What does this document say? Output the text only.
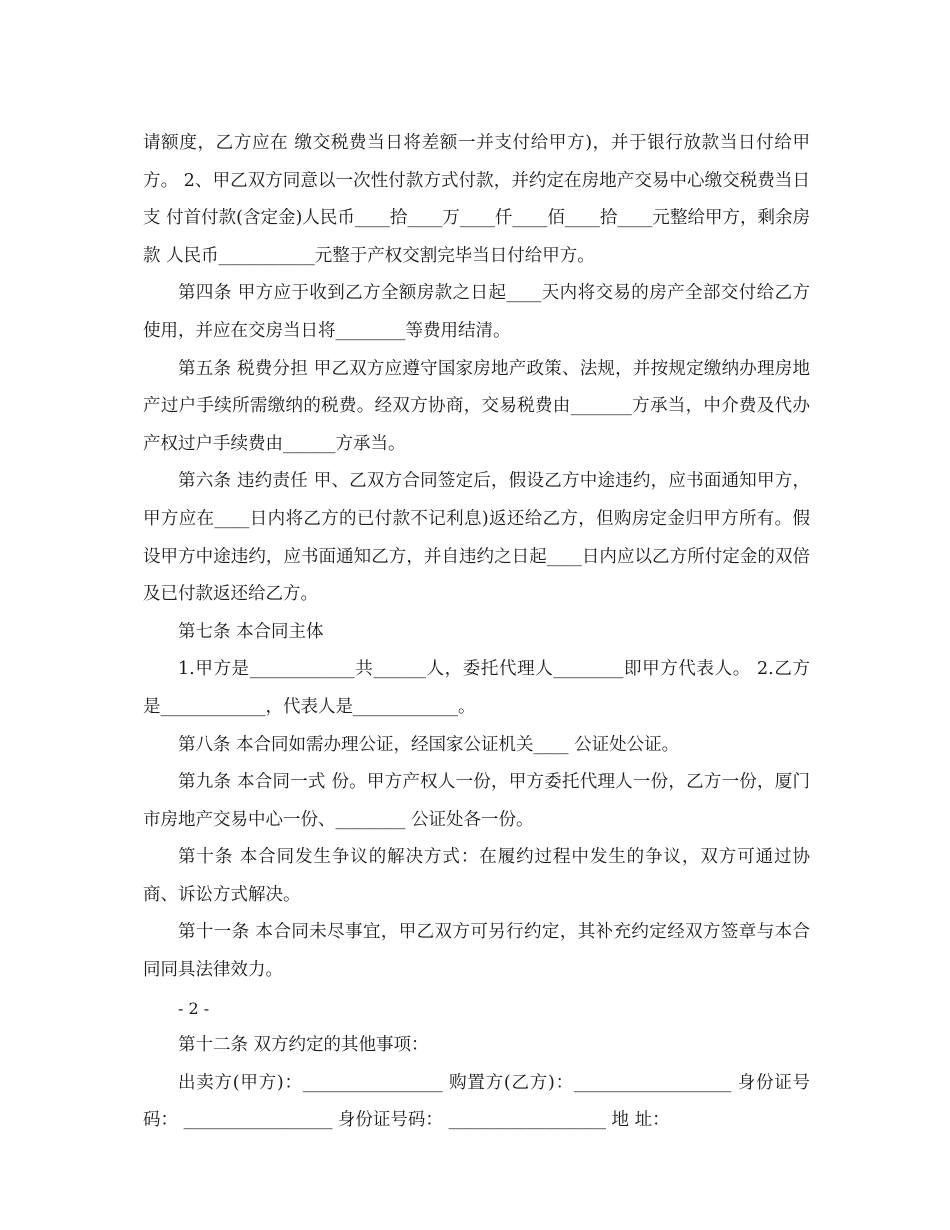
请额度，乙方应在 缴交税费当日将差额一并支付给甲方)，并于银行放款当日付给甲方。 2、甲乙双方同意以一次性付款方式付款，并约定在房地产交易中心缴交税费当日支 付首付款(含定金)人民币____拾____万____仟____佰____拾____元整给甲方，剩余房款 人民币___________元整于产权交割完毕当日付给甲方。

第四条 甲方应于收到乙方全额房款之日起____天内将交易的房产全部交付给乙方使用，并应在交房当日将________等费用结清。

第五条 税费分担 甲乙双方应遵守国家房地产政策、法规，并按规定缴纳办理房地产过户手续所需缴纳的税费。经双方协商，交易税费由_______方承当，中介费及代办产权过户手续费由______方承当。

第六条 违约责任 甲、乙双方合同签定后，假设乙方中途违约，应书面通知甲方，甲方应在____日内将乙方的已付款不记利息)返还给乙方，但购房定金归甲方所有。假设甲方中途违约，应书面通知乙方，并自违约之日起____日内应以乙方所付定金的双倍及已付款返还给乙方。

第七条 本合同主体

1.甲方是____________共______人，委托代理人________即甲方代表人。 2.乙方是____________，代表人是____________。

第八条 本合同如需办理公证，经国家公证机关____ 公证处公证。

第九条 本合同一式 份。甲方产权人一份，甲方委托代理人一份，乙方一份，厦门市房地产交易中心一份、________ 公证处各一份。

第十条 本合同发生争议的解决方式：在履约过程中发生的争议，双方可通过协商、诉讼方式解决。

第十一条 本合同未尽事宜，甲乙双方可另行约定，其补充约定经双方签章与本合同同具法律效力。

- 2 -

第十二条 双方约定的其他事项：

出卖方(甲方)：________________ 购置方(乙方)：__________________ 身份证号码： _________________ 身份证号码： __________________ 地 址：
